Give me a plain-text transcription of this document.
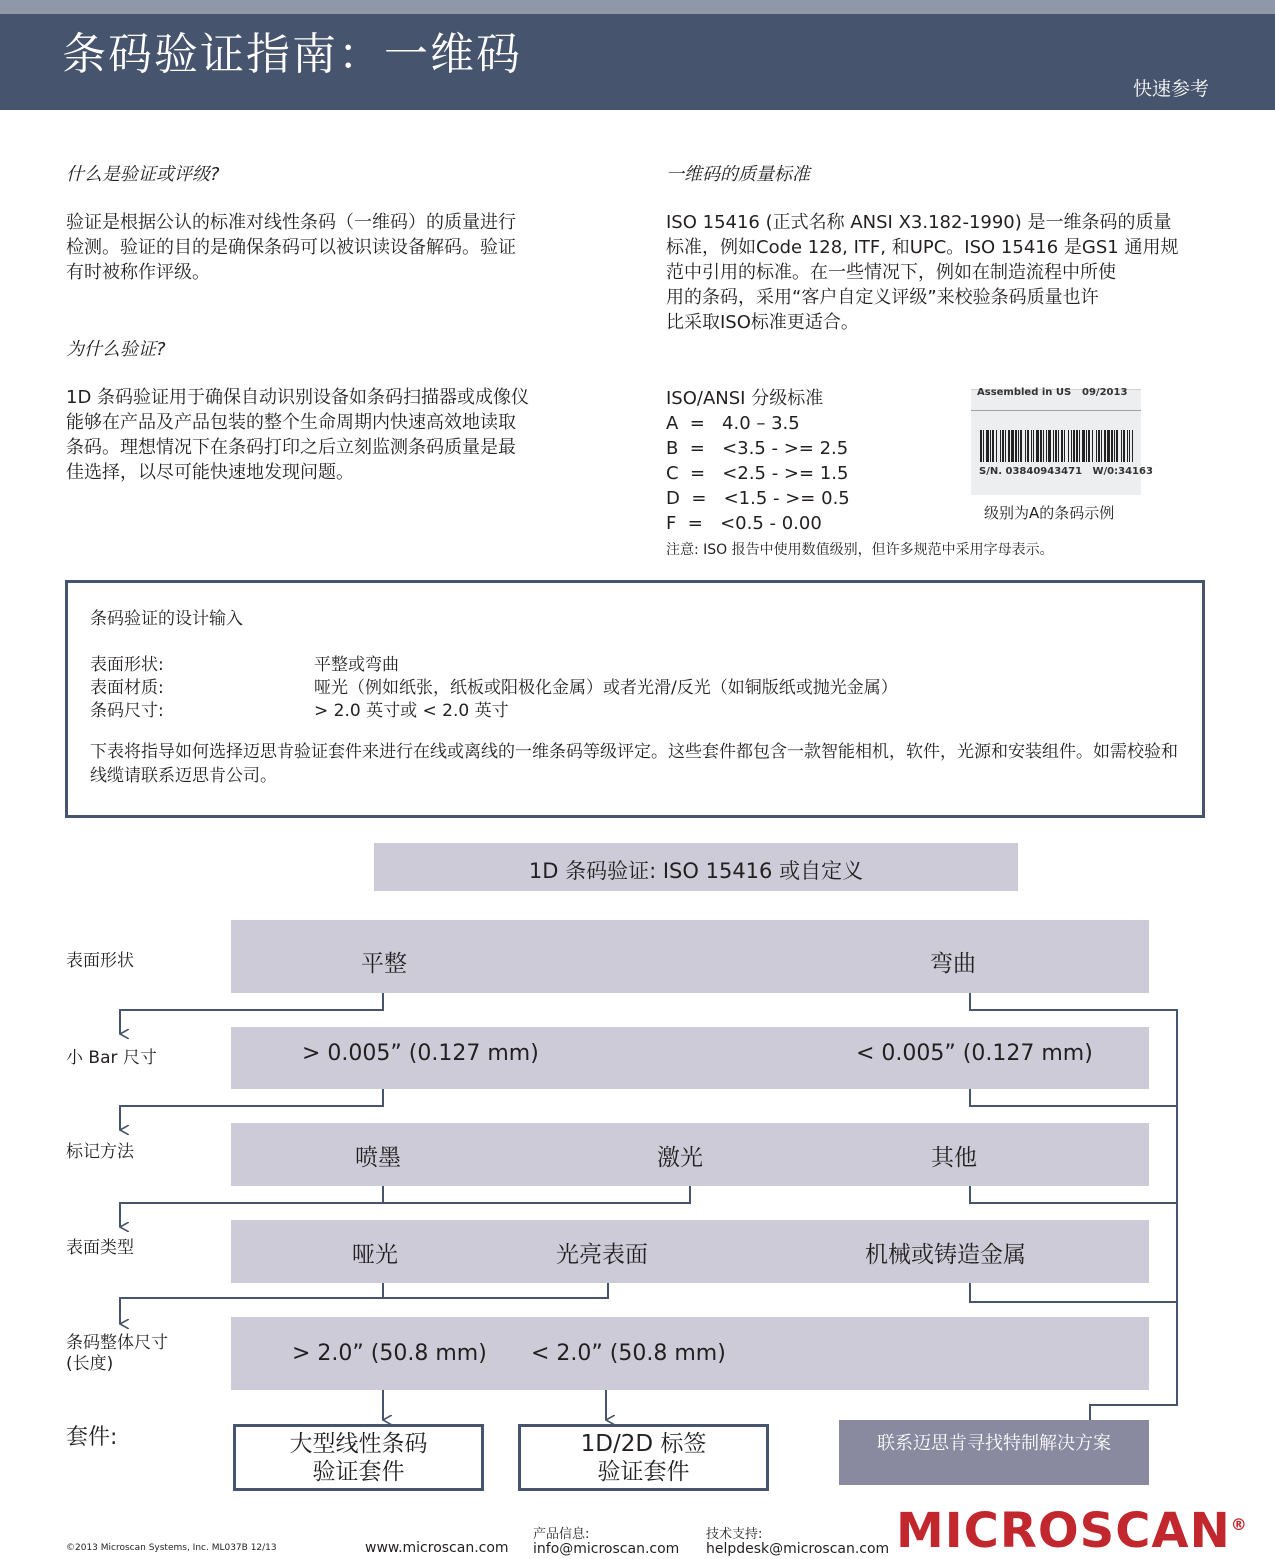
条码验证指南：一维码
快速参考
什么是验证或评级?
验证是根据公认的标准对线性条码（一维码）的质量进行
检测。验证的目的是确保条码可以被识读设备解码。验证
有时被称作评级。
为什么验证?
1D 条码验证用于确保自动识别设备如条码扫描器或成像仪
能够在产品及产品包装的整个生命周期内快速高效地读取
条码。理想情况下在条码打印之后立刻监测条码质量是最
佳选择，以尽可能快速地发现问题。
一维码的质量标准
ISO 15416 (正式名称 ANSI X3.182-1990) 是一维条码的质量
标准，例如Code 128, ITF, 和UPC。ISO 15416 是GS1 通用规
范中引用的标准。在一些情况下，例如在制造流程中所使
用的条码，采用“客户自定义评级”来校验条码质量也许
比采取ISO标准更适合。
ISO/ANSI 分级标准
A  =   4.0 – 3.5
B  =   <3.5 - >= 2.5
C  =   <2.5 - >= 1.5
D  =   <1.5 - >= 0.5
F  =   <0.5 - 0.00
注意: ISO 报告中使用数值级别，但许多规范中采用字母表示。
Assembled in US 09/2013
S/N. 03840943471 W/0:34163
级别为A的条码示例
条码验证的设计输入
表面形状:	平整或弯曲
表面材质:	哑光（例如纸张，纸板或阳极化金属）或者光滑/反光（如铜版纸或抛光金属）
条码尺寸:	> 2.0 英寸或 < 2.0 英寸
下表将指导如何选择迈思肯验证套件来进行在线或离线的一维条码等级评定。这些套件都包含一款智能相机，软件，光源和安装组件。如需校验和线缆请联系迈思肯公司。
1D 条码验证: ISO 15416 或自定义
表面形状
小 Bar 尺寸
标记方法
表面类型
条码整体尺寸
(长度)
平整	弯曲
> 0.005” (0.127 mm)	< 0.005” (0.127 mm)
喷墨	激光	其他
哑光	光亮表面	机械或铸造金属
> 2.0” (50.8 mm) < 2.0” (50.8 mm)
套件:	大型线性条码
验证套件
1D/2D 标签
验证套件
联系迈思肯寻找特制解决方案
©2013 Microscan Systems, Inc. ML037B 12/13	www.microscan.com
产品信息:
info@microscan.com
技术支持:
helpdesk@microscan.com MICROSCAN®
